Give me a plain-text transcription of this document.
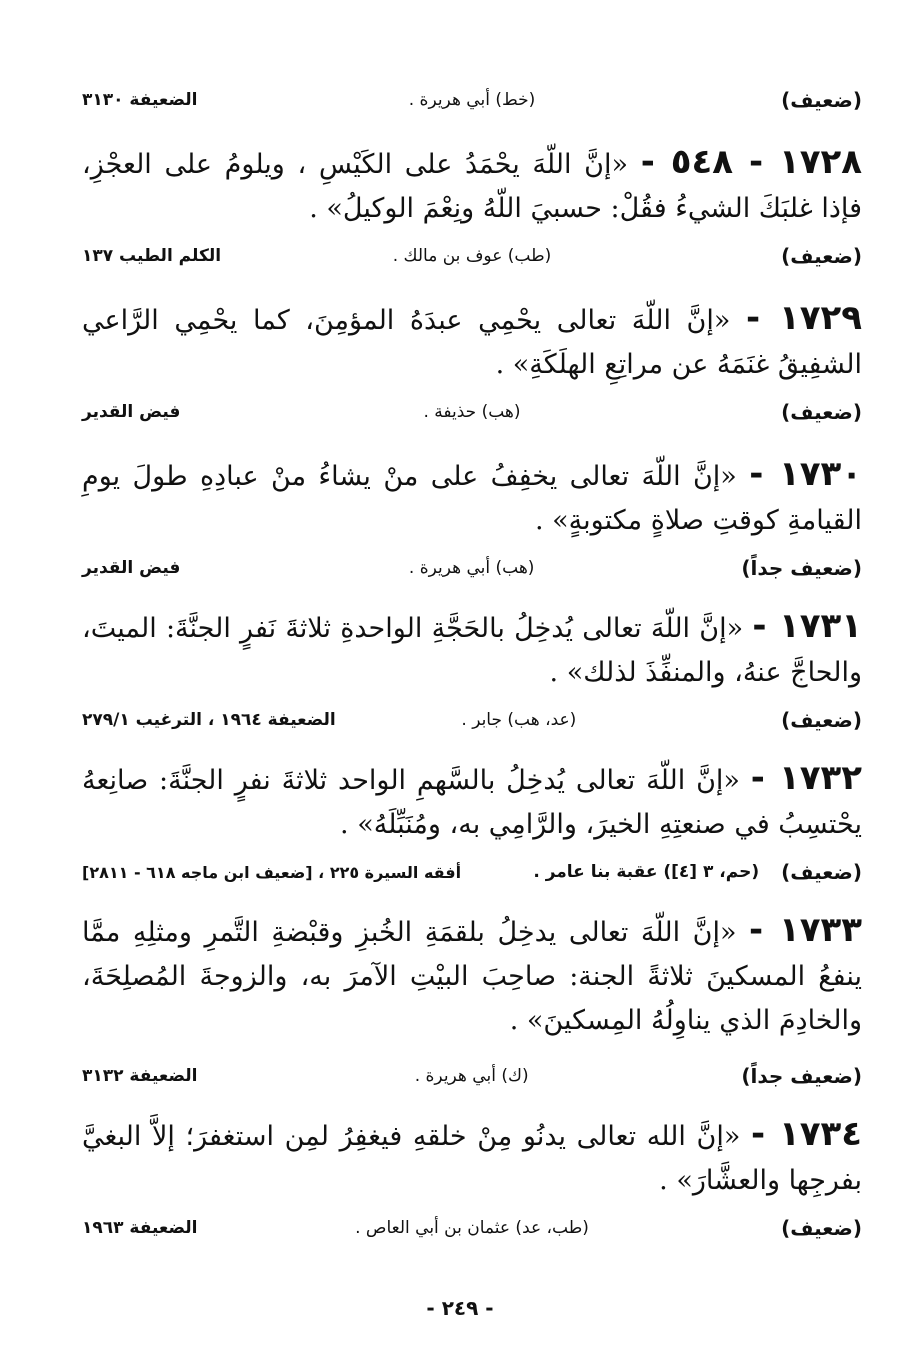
(ضعيف)
(خط) أبي هريرة .
الضعيفة ٣١٣٠
١٧٢٨ - ٥٤٨ - «إنَّ اللّهَ يحْمَدُ على الكَيْسِ ، ويلومُ على العجْزِ، فإذا غلبَكَ الشيءُ فقُلْ: حسبيَ اللّهُ ونِعْمَ الوكيلُ» .
(ضعيف)
(طب) عوف بن مالك .
الكلم الطيب ١٣٧
١٧٢٩ - «إنَّ اللّهَ تعالى يحْمِي عبدَهُ المؤمِنَ، كما يحْمِي الرَّاعي الشفِيقُ غنَمَهُ عن مراتِعِ الهلَكَةِ» .
(ضعيف)
(هب) حذيفة .
فيض القدير
١٧٣٠ - «إنَّ اللّهَ تعالى يخفِفُ على منْ يشاءُ منْ عبادِهِ طولَ يومِ القيامةِ كوقتِ صلاةٍ مكتوبةٍ» .
(ضعيف جداً)
(هب) أبي هريرة .
فيض القدير
١٧٣١ - «إنَّ اللّهَ تعالى يُدخِلُ بالحَجَّةِ الواحدةِ ثلاثةَ نَفرٍ الجنَّةَ: الميتَ، والحاجَّ عنهُ، والمنفِّذَ لذلك» .
(ضعيف)
(عد، هب) جابر .
الضعيفة ١٩٦٤ ، الترغيب ٢٧٩/١
١٧٣٢ - «إنَّ اللّهَ تعالى يُدخِلُ بالسَّهمِ الواحد ثلاثةَ نفرٍ الجنَّةَ: صانِعهُ يحْتسِبُ في صنعتِهِ الخيرَ، والرَّامِي به، ومُنَبِّلَهُ» .
(ضعيف)
(حم، ٣ [٤]) عقبة بنا عامر .
أفقه السيرة ٢٢٥ ، [ضعيف ابن ماجه ٦١٨ - ٢٨١١]
١٧٣٣ - «إنَّ اللّهَ تعالى يدخِلُ بلقمَةِ الخُبزِ وقبْضةِ التَّمرِ ومثلِهِ ممَّا ينفعُ المسكينَ ثلاثةً الجنة: صاحِبَ البيْتِ الآمرَ به، والزوجةَ المُصلِحَةَ، والخادِمَ الذي يناوِلُهُ المِسكينَ» .
(ضعيف جداً)
(ك) أبي هريرة .
الضعيفة ٣١٣٢
١٧٣٤ - «إنَّ الله تعالى يدنُو مِنْ خلقهِ فيغفِرُ لمِن استغفرَ؛ إلاَّ البغيَّ بفرجِها والعشَّارَ» .
(ضعيف)
(طب، عد) عثمان بن أبي العاص .
الضعيفة ١٩٦٣
- ٢٤٩ -
